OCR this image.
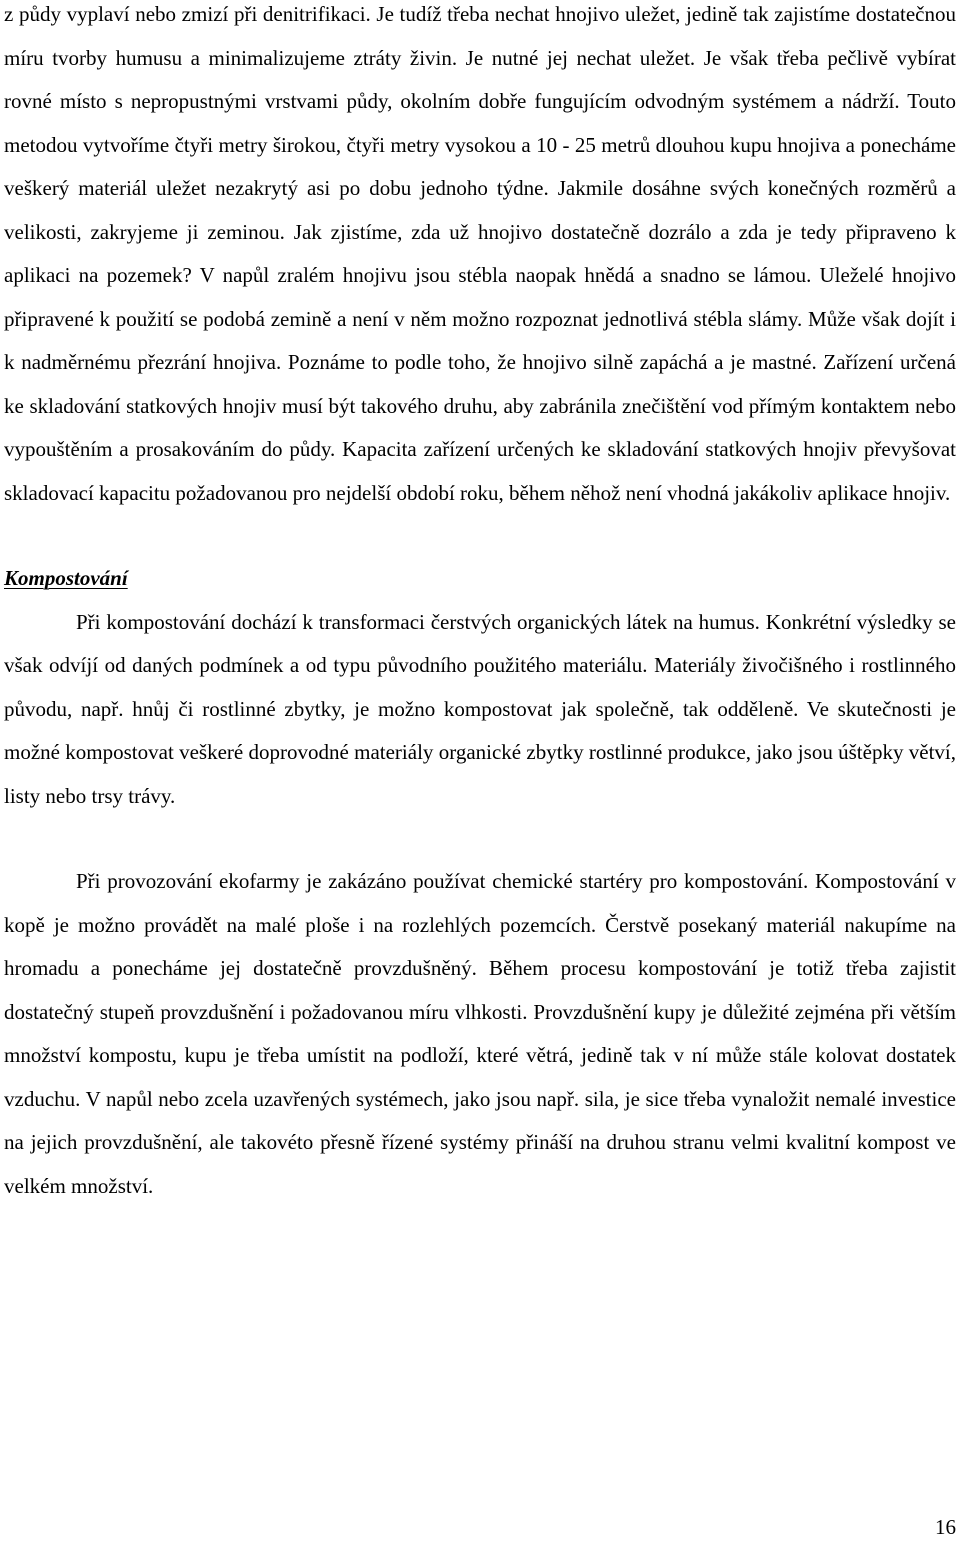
z půdy vyplaví nebo zmizí při denitrifikaci. Je tudíž třeba nechat hnojivo uležet, jedině tak zajistíme dostatečnou míru tvorby humusu a minimalizujeme ztráty živin. Je nutné jej nechat uležet. Je však třeba pečlivě vybírat rovné místo s nepropustnými vrstvami půdy, okolním dobře fungujícím odvodným systémem a nádrží. Touto metodou vytvoříme čtyři metry širokou, čtyři metry vysokou a 10 - 25 metrů dlouhou kupu hnojiva a ponecháme veškerý materiál uležet nezakrytý asi po dobu jednoho týdne. Jakmile dosáhne svých konečných rozměrů a velikosti, zakryjeme ji zeminou. Jak zjistíme, zda už hnojivo dostatečně dozrálo a zda je tedy připraveno k aplikaci na pozemek? V napůl zralém hnojivu jsou stébla naopak hnědá a snadno se lámou. Uleželé hnojivo připravené k použití se podobá zemině a není v něm možno rozpoznat jednotlivá stébla slámy. Může však dojít i k nadměrnému přezrání hnojiva. Poznáme to podle toho, že hnojivo silně zapáchá a je mastné. Zařízení určená ke skladování statkových hnojiv musí být takového druhu, aby zabránila znečištění vod přímým kontaktem nebo vypouštěním a prosakováním do půdy. Kapacita zařízení určených ke skladování statkových hnojiv převyšovat skladovací kapacitu požadovanou pro nejdelší období roku, během něhož není vhodná jakákoliv aplikace hnojiv.

Kompostování

Při kompostování dochází k transformaci čerstvých organických látek na humus. Konkrétní výsledky se však odvíjí od daných podmínek a od typu původního použitého materiálu. Materiály živočišného i rostlinného původu, např. hnůj či rostlinné zbytky, je možno kompostovat jak společně, tak odděleně. Ve skutečnosti je možné kompostovat veškeré doprovodné materiály organické zbytky rostlinné produkce, jako jsou úštěpky větví, listy nebo trsy trávy.

Při provozování ekofarmy je zakázáno používat chemické startéry pro kompostování. Kompostování v kopě je možno provádět na malé ploše i na rozlehlých pozemcích. Čerstvě posekaný materiál nakupíme na hromadu a ponecháme jej dostatečně provzdušněný. Během procesu kompostování je totiž třeba zajistit dostatečný stupeň provzdušnění i požadovanou míru vlhkosti. Provzdušnění kupy je důležité zejména při větším množství kompostu, kupu je třeba umístit na podloží, které větrá, jedině tak v ní může stále kolovat dostatek vzduchu. V napůl nebo zcela uzavřených systémech, jako jsou např. sila, je sice třeba vynaložit nemalé investice na jejich provzdušnění, ale takovéto přesně řízené systémy přináší na druhou stranu velmi kvalitní kompost ve velkém množství.

16
